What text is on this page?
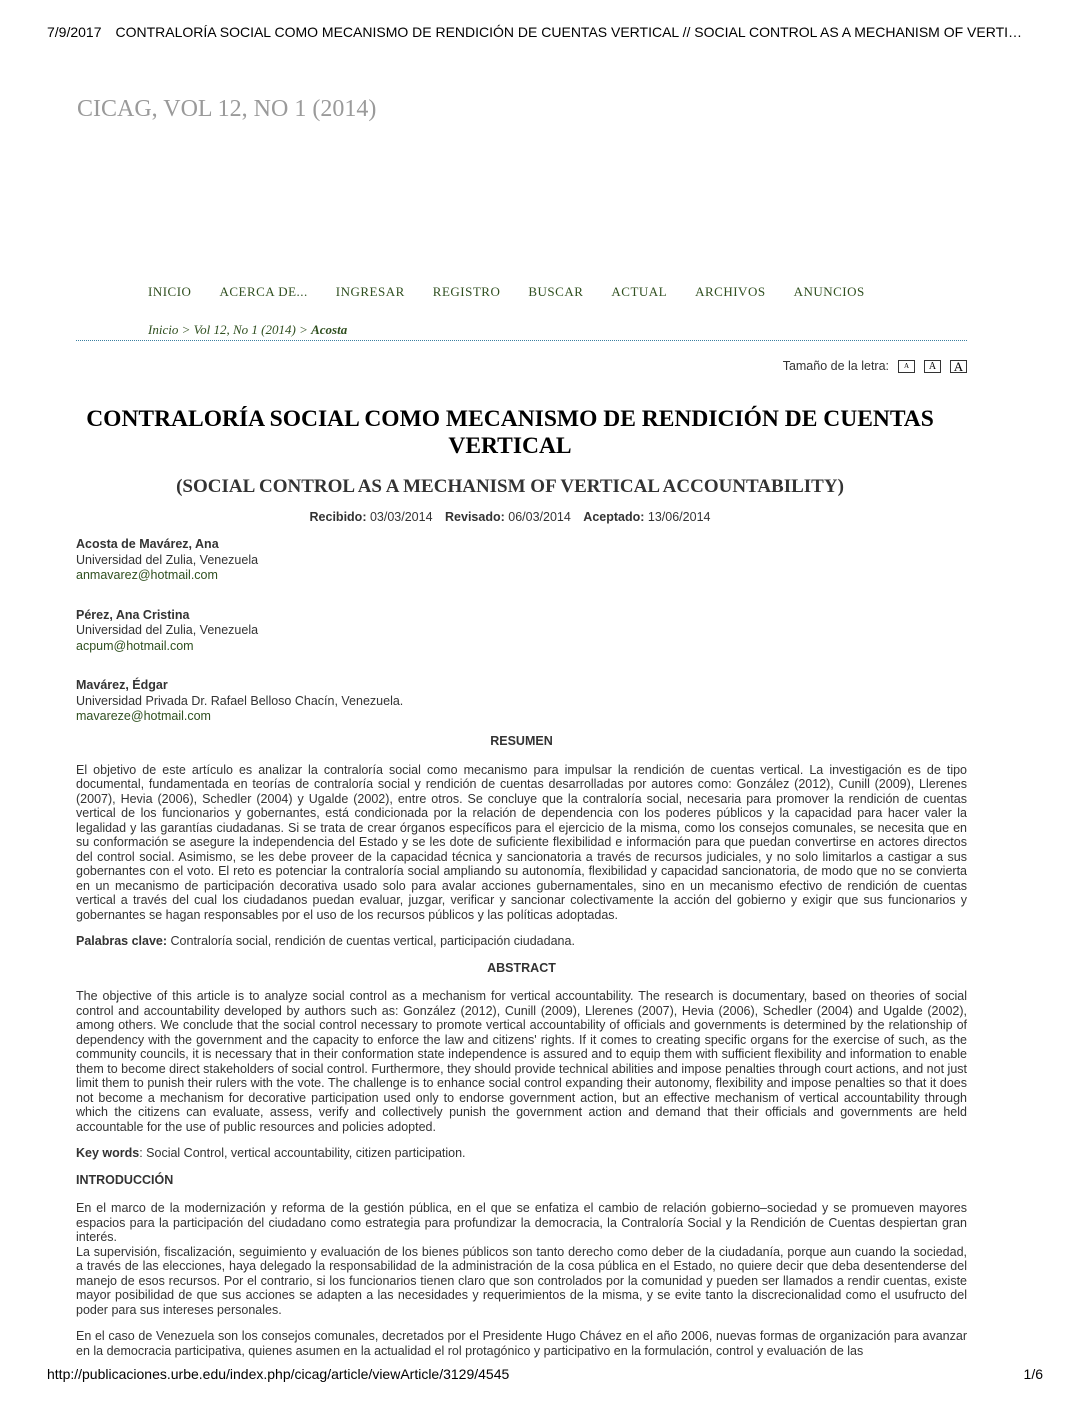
7/9/2017 CONTRALORÍA SOCIAL COMO MECANISMO DE RENDICIÓN DE CUENTAS VERTICAL // SOCIAL CONTROL AS A MECHANISM OF VERTI…
CICAG, VOL 12, NO 1 (2014)
INICIO ACERCA DE... INGRESAR REGISTRO BUSCAR ACTUAL ARCHIVOS ANUNCIOS
Inicio > Vol 12, No 1 (2014) > Acosta
Tamaño de la letra:	A	A	A
CONTRALORÍA SOCIAL COMO MECANISMO DE RENDICIÓN DE CUENTAS VERTICAL
(SOCIAL CONTROL AS A MECHANISM OF VERTICAL ACCOUNTABILITY)
Recibido: 03/03/2014 Revisado: 06/03/2014 Aceptado: 13/06/2014
Acosta de Mavárez, Ana
Universidad del Zulia, Venezuela
anmavarez@hotmail.com
Pérez, Ana Cristina
Universidad del Zulia, Venezuela
acpum@hotmail.com
Mavárez, Édgar
Universidad Privada Dr. Rafael Belloso Chacín, Venezuela.
mavareze@hotmail.com
RESUMEN

El objetivo de este artículo es analizar la contraloría social como mecanismo para impulsar la rendición de cuentas vertical. La investigación es de tipo documental, fundamentada en teorías de contraloría social y rendición de cuentas desarrolladas por autores como: González (2012), Cunill (2009), Llerenes (2007), Hevia (2006), Schedler (2004) y Ugalde (2002), entre otros. Se concluye que la contraloría social, necesaria para promover la rendición de cuentas vertical de los funcionarios y gobernantes, está condicionada por la relación de dependencia con los poderes públicos y la capacidad para hacer valer la legalidad y las garantías ciudadanas. Si se trata de crear órganos específicos para el ejercicio de la misma, como los consejos comunales, se necesita que en su conformación se asegure la independencia del Estado y se les dote de suficiente flexibilidad e información para que puedan convertirse en actores directos del control social. Asimismo, se les debe proveer de la capacidad técnica y sancionatoria a través de recursos judiciales, y no solo limitarlos a castigar a sus gobernantes con el voto. El reto es potenciar la contraloría social ampliando su autonomía, flexibilidad y capacidad sancionatoria, de modo que no se convierta en un mecanismo de participación decorativa usado solo para avalar acciones gubernamentales, sino en un mecanismo efectivo de rendición de cuentas vertical a través del cual los ciudadanos puedan evaluar, juzgar, verificar y sancionar colectivamente la acción del gobierno y exigir que sus funcionarios y gobernantes se hagan responsables por el uso de los recursos públicos y las políticas adoptadas.

Palabras clave: Contraloría social, rendición de cuentas vertical, participación ciudadana.

ABSTRACT

The objective of this article is to analyze social control as a mechanism for vertical accountability. The research is documentary, based on theories of social control and accountability developed by authors such as: González (2012), Cunill (2009), Llerenes (2007), Hevia (2006), Schedler (2004) and Ugalde (2002), among others. We conclude that the social control necessary to promote vertical accountability of officials and governments is determined by the relationship of dependency with the government and the capacity to enforce the law and citizens' rights. If it comes to creating specific organs for the exercise of such, as the community councils, it is necessary that in their conformation state independence is assured and to equip them with sufficient flexibility and information to enable them to become direct stakeholders of social control. Furthermore, they should provide technical abilities and impose penalties through court actions, and not just limit them to punish their rulers with the vote. The challenge is to enhance social control expanding their autonomy, flexibility and impose penalties so that it does not become a mechanism for decorative participation used only to endorse government action, but an effective mechanism of vertical accountability through which the citizens can evaluate, assess, verify and collectively punish the government action and demand that their officials and governments are held accountable for the use of public resources and policies adopted.

Key words: Social Control, vertical accountability, citizen participation.

INTRODUCCIÓN

En el marco de la modernización y reforma de la gestión pública, en el que se enfatiza el cambio de relación gobierno–sociedad y se promueven mayores espacios para la participación del ciudadano como estrategia para profundizar la democracia, la Contraloría Social y la Rendición de Cuentas despiertan gran interés.

La supervisión, fiscalización, seguimiento y evaluación de los bienes públicos son tanto derecho como deber de la ciudadanía, porque aun cuando la sociedad, a través de las elecciones, haya delegado la responsabilidad de la administración de la cosa pública en el Estado, no quiere decir que deba desentenderse del manejo de esos recursos. Por el contrario, si los funcionarios tienen claro que son controlados por la comunidad y pueden ser llamados a rendir cuentas, existe mayor posibilidad de que sus acciones se adapten a las necesidades y requerimientos de la misma, y se evite tanto la discrecionalidad como el usufructo del poder para sus intereses personales.

En el caso de Venezuela son los consejos comunales, decretados por el Presidente Hugo Chávez en el año 2006, nuevas formas de organización para avanzar en la democracia participativa, quienes asumen en la actualidad el rol protagónico y participativo en la formulación, control y evaluación de las

http://publicaciones.urbe.edu/index.php/cicag/article/viewArticle/3129/4545	1/6
